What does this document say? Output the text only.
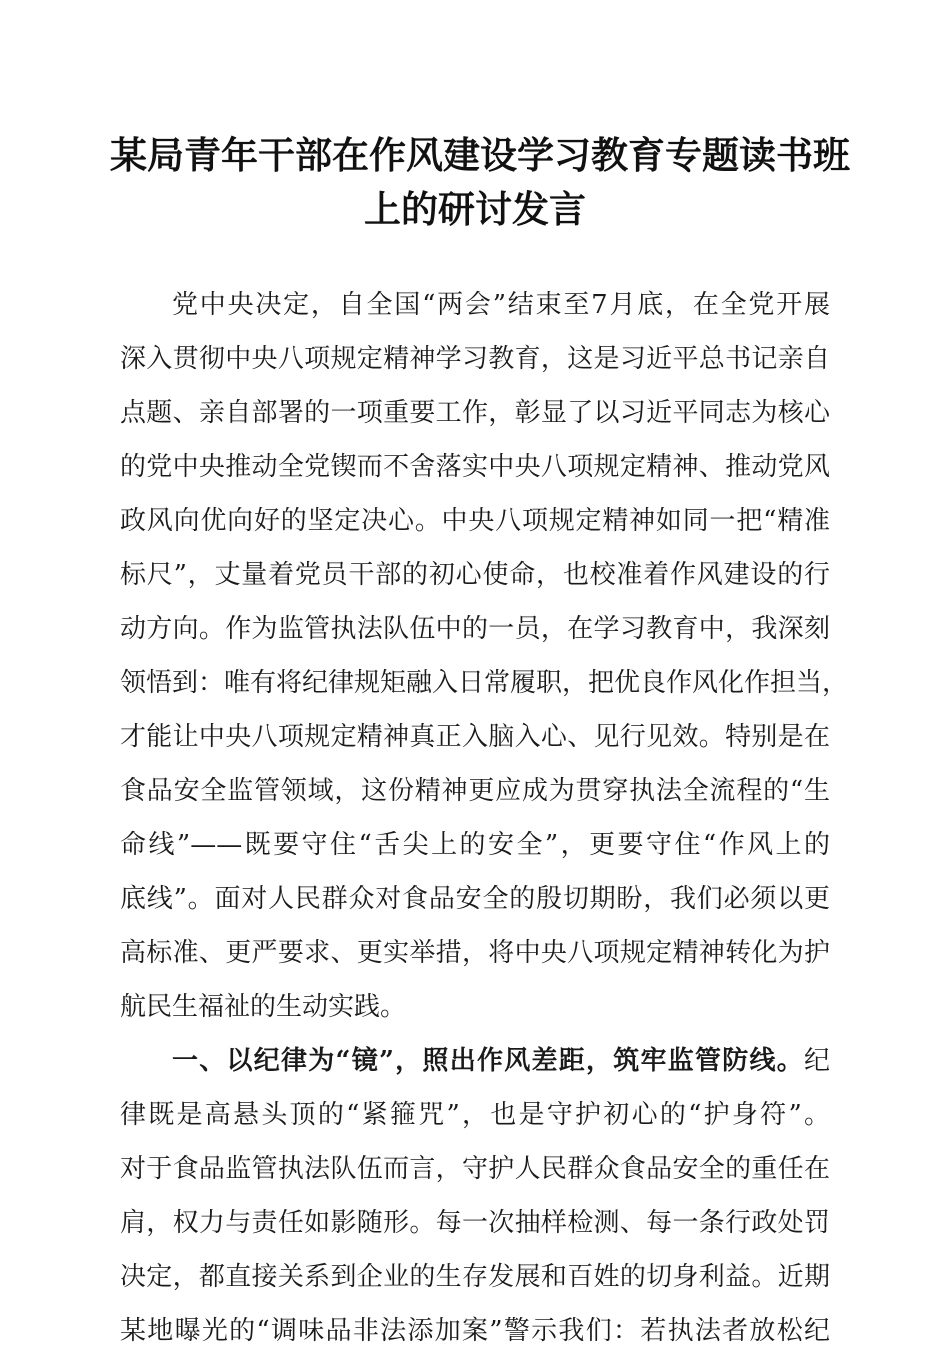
某局青年干部在作风建设学习教育专题读书班
上的研讨发言
党中央决定，自全国“两会”结束至7月底，在全党开展
深入贯彻中央八项规定精神学习教育，这是习近平总书记亲自
点题、亲自部署的一项重要工作，彰显了以习近平同志为核心
的党中央推动全党锲而不舍落实中央八项规定精神、推动党风
政风向优向好的坚定决心。中央八项规定精神如同一把“精准
标尺”，丈量着党员干部的初心使命，也校准着作风建设的行
动方向。作为监管执法队伍中的一员，在学习教育中，我深刻
领悟到：唯有将纪律规矩融入日常履职，把优良作风化作担当，
才能让中央八项规定精神真正入脑入心、见行见效。特别是在
食品安全监管领域，这份精神更应成为贯穿执法全流程的“生
命线”——既要守住“舌尖上的安全”，更要守住“作风上的
底线”。面对人民群众对食品安全的殷切期盼，我们必须以更
高标准、更严要求、更实举措，将中央八项规定精神转化为护
航民生福祉的生动实践。
一、以纪律为“镜”，照出作风差距，筑牢监管防线。纪
律既是高悬头顶的“紧箍咒”，也是守护初心的“护身符”。
对于食品监管执法队伍而言，守护人民群众食品安全的重任在
肩，权力与责任如影随形。每一次抽样检测、每一条行政处罚
决定，都直接关系到企业的生存发展和百姓的切身利益。近期
某地曝光的“调味品非法添加案”警示我们：若执法者放松纪
